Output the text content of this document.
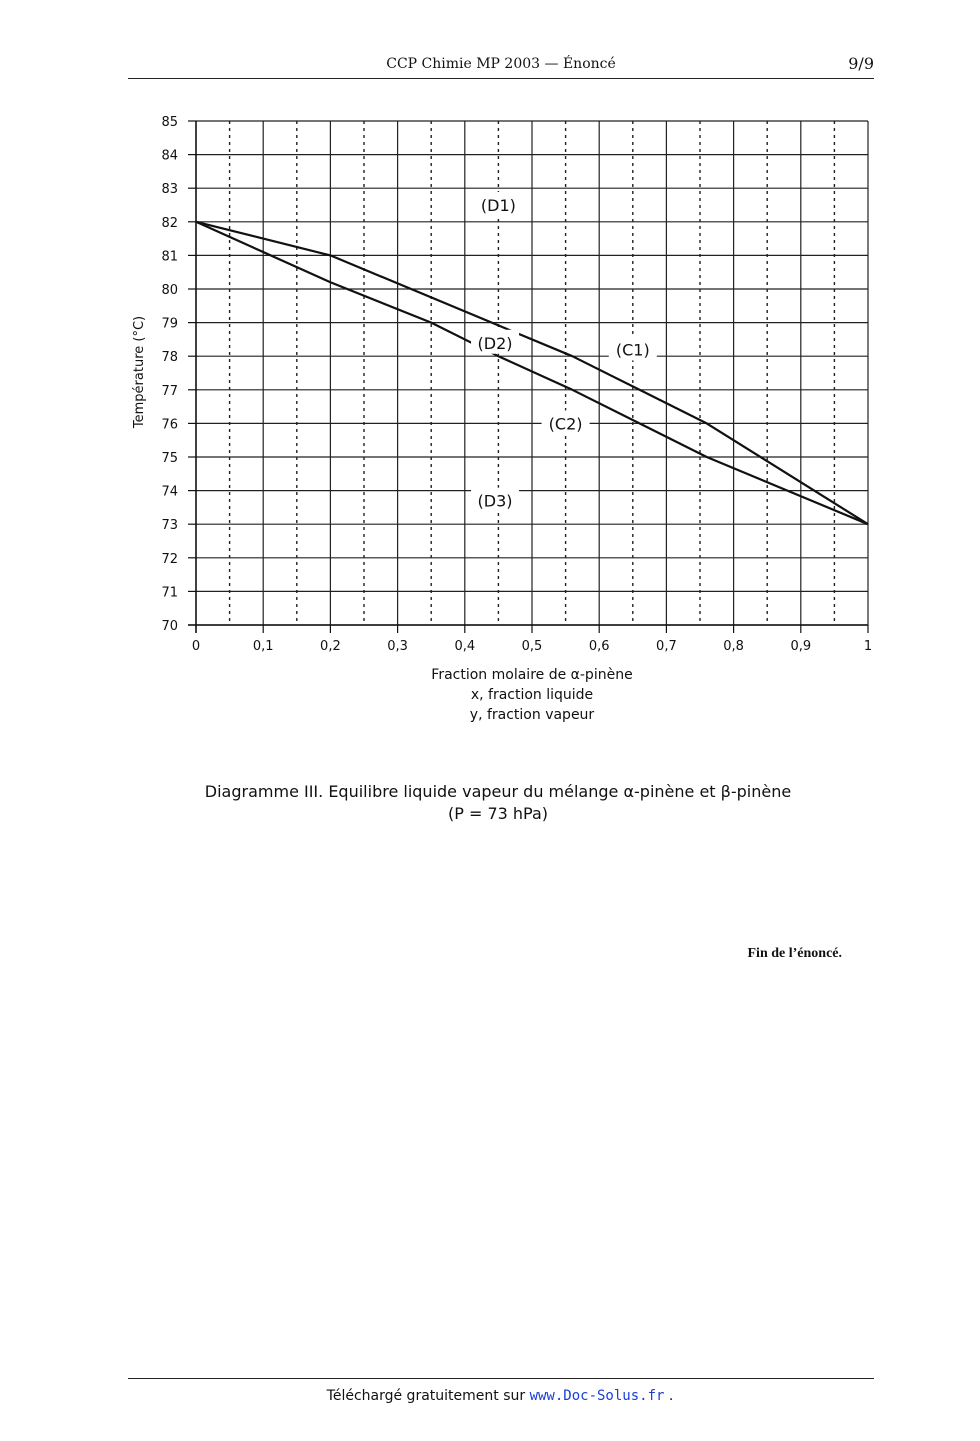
CCP Chimie MP 2003 — Énoncé	9/9
70
71
72
73
74
75
76
77
78
79
80
81
82
83
84
85
0	0,1	0,2	0,3	0,4	0,5	0,6	0,7	0,8	0,9	1
(D1)
(D2)	(C1)
(C2)
(D3)
Température (°C)
Fraction molaire de α-pinène
x, fraction liquide
y, fraction vapeur
Diagramme III. Equilibre liquide vapeur du mélange α-pinène et β-pinène
(P = 73 hPa)
Fin de l’énoncé.
Téléchargé gratuitement sur www.Doc-Solus.fr .
